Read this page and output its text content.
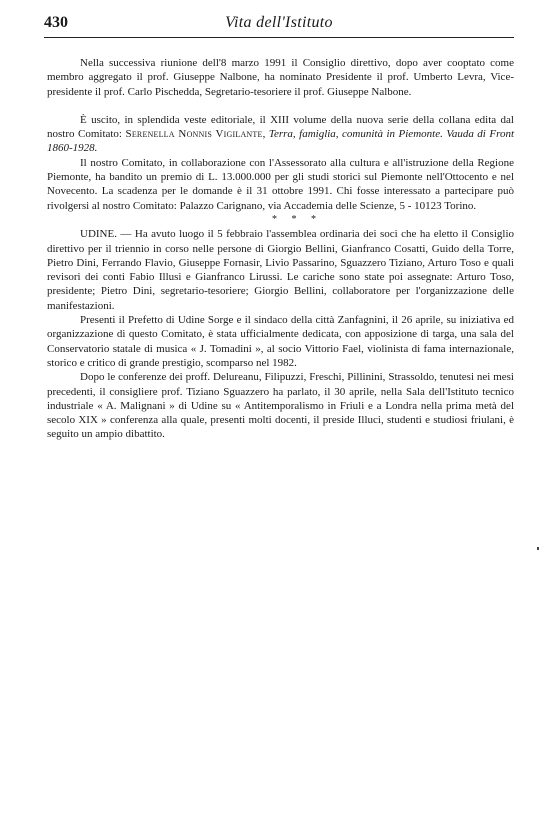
430	Vita dell'Istituto

Nella successiva riunione dell'8 marzo 1991 il Consiglio direttivo, dopo aver cooptato come membro aggregato il prof. Giuseppe Nalbone, ha nominato Presidente il prof. Umberto Levra, Vice-presidente il prof. Carlo Pischedda, Segretario-tesoriere il prof. Giuseppe Nalbone.

È uscito, in splendida veste editoriale, il XIII volume della nuova serie della collana edita dal nostro Comitato: Serenella Nonnis Vigilante, Terra, famiglia, comunità in Piemonte. Vauda di Front 1860-1928.

Il nostro Comitato, in collaborazione con l'Assessorato alla cultura e all'istruzione della Regione Piemonte, ha bandito un premio di L. 13.000.000 per gli studi storici sul Piemonte nell'Ottocento e nel Novecento. La scadenza per le domande è il 31 ottobre 1991. Chi fosse interessato a partecipare può rivolgersi al nostro Comitato: Palazzo Carignano, via Accademia delle Scienze, 5 - 10123 Torino.

* * *

UDINE. — Ha avuto luogo il 5 febbraio l'assemblea ordinaria dei soci che ha eletto il Consiglio direttivo per il triennio in corso nelle persone di Giorgio Bellini, Gianfranco Cosatti, Guido della Torre, Pietro Dini, Ferrando Flavio, Giuseppe Fornasir, Livio Passarino, Sguazzero Tiziano, Arturo Toso e quali revisori dei conti Fabio Illusi e Gianfranco Lirussi. Le cariche sono state poi assegnate: Arturo Toso, presidente; Pietro Dini, segretario-tesoriere; Giorgio Bellini, collaboratore per l'organizzazione delle manifestazioni.

Presenti il Prefetto di Udine Sorge e il sindaco della città Zanfagnini, il 26 aprile, su iniziativa ed organizzazione di questo Comitato, è stata ufficialmente dedicata, con apposizione di targa, una sala del Conservatorio statale di musica « J. Tomadini », al socio Vittorio Fael, violinista di fama internazionale, storico e critico di grande prestigio, scomparso nel 1982.

Dopo le conferenze dei proff. Delureanu, Filipuzzi, Freschi, Pillinini, Strassoldo, tenutesi nei mesi precedenti, il consigliere prof. Tiziano Sguazzero ha parlato, il 30 aprile, nella Sala dell'Istituto tecnico industriale « A. Malignani » di Udine su « Antitemporalismo in Friuli e a Londra nella prima metà del secolo XIX » conferenza alla quale, presenti molti docenti, il preside Illuci, studenti e studiosi friulani, è seguito un ampio dibattito.
